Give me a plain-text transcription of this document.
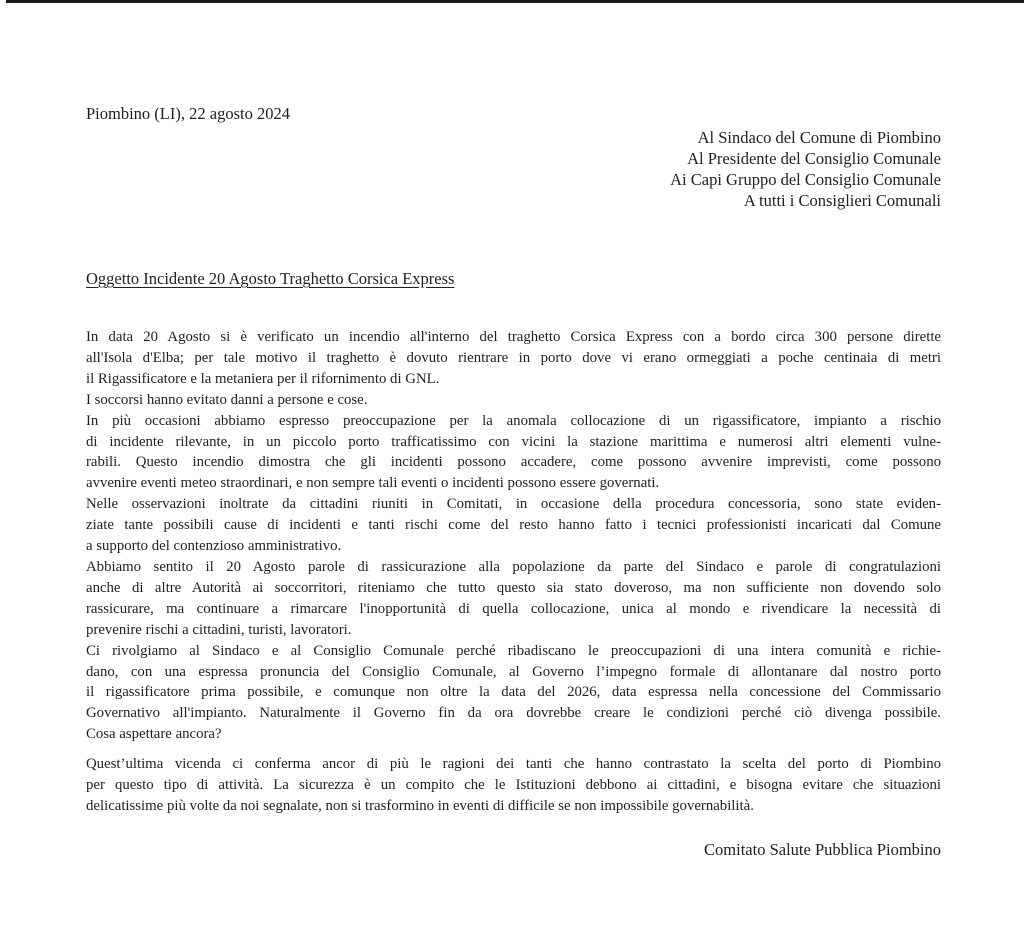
Piombino (LI), 22 agosto 2024
Al Sindaco del Comune di Piombino
Al Presidente del Consiglio Comunale
Ai Capi Gruppo del Consiglio Comunale
A tutti i Consiglieri Comunali
Oggetto Incidente 20 Agosto Traghetto Corsica Express
In data 20 Agosto si è verificato un incendio all'interno del traghetto Corsica Express con a bordo circa 300 persone dirette
all'Isola d'Elba; per tale motivo il traghetto è dovuto rientrare in porto dove vi erano ormeggiati a poche centinaia di metri
il Rigassificatore e la metaniera per il rifornimento di GNL.
I soccorsi hanno evitato danni a persone e cose.
In più occasioni abbiamo espresso preoccupazione per la anomala collocazione di un rigassificatore, impianto a rischio
di incidente rilevante, in un piccolo porto trafficatissimo con vicini la stazione marittima e numerosi altri elementi vulne-
rabili. Questo incendio dimostra che gli incidenti possono accadere, come possono avvenire imprevisti, come possono
avvenire eventi meteo straordinari, e non sempre tali eventi o incidenti possono essere governati.
Nelle osservazioni inoltrate da cittadini riuniti in Comitati, in occasione della procedura concessoria, sono state eviden-
ziate tante possibili cause di incidenti e tanti rischi come del resto hanno fatto i tecnici professionisti incaricati dal Comune
a supporto del contenzioso amministrativo.
Abbiamo sentito il 20 Agosto parole di rassicurazione alla popolazione da parte del Sindaco e parole di congratulazioni
anche di altre Autorità ai soccorritori, riteniamo che tutto questo sia stato doveroso, ma non sufficiente non dovendo solo
rassicurare, ma continuare a rimarcare l'inopportunità di quella collocazione, unica al mondo e rivendicare la necessità di
prevenire rischi a cittadini, turisti, lavoratori.
Ci rivolgiamo al Sindaco e al Consiglio Comunale perché ribadiscano le preoccupazioni di una intera comunità e richie-
dano, con una espressa pronuncia del Consiglio Comunale, al Governo l’impegno formale di allontanare dal nostro porto
il rigassificatore prima possibile, e comunque non oltre la data del 2026, data espressa nella concessione del Commissario
Governativo all'impianto. Naturalmente il Governo fin da ora dovrebbe creare le condizioni perché ciò divenga possibile.
Cosa aspettare ancora?
Quest’ultima vicenda ci conferma ancor di più le ragioni dei tanti che hanno contrastato la scelta del porto di Piombino
per questo tipo di attività. La sicurezza è un compito che le Istituzioni debbono ai cittadini, e bisogna evitare che situazioni
delicatissime più volte da noi segnalate, non si trasformino in eventi di difficile se non impossibile governabilità.
Comitato Salute Pubblica Piombino
